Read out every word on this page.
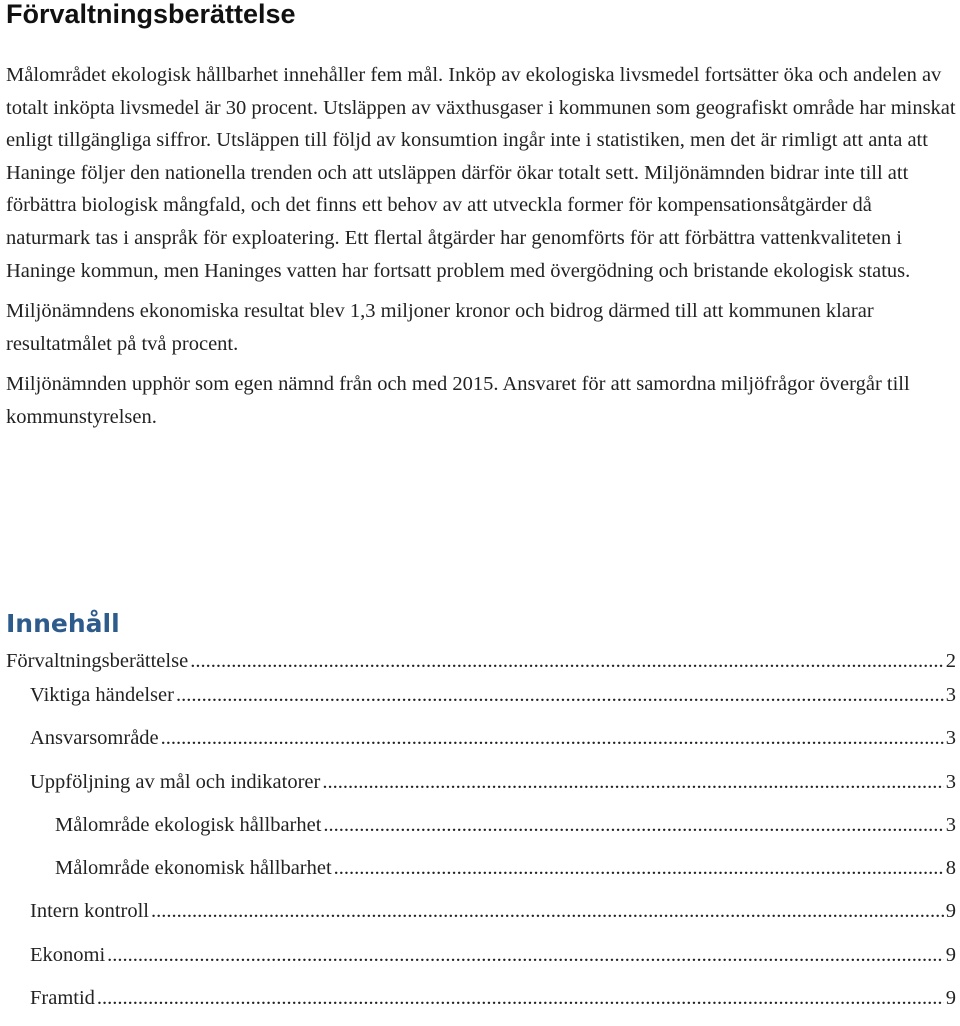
Förvaltningsberättelse

Målområdet ekologisk hållbarhet innehåller fem mål. Inköp av ekologiska livsmedel fortsätter öka och andelen av totalt inköpta livsmedel är 30 procent. Utsläppen av växthusgaser i kommunen som geografiskt område har minskat enligt tillgängliga siffror. Utsläppen till följd av konsumtion ingår inte i statistiken, men det är rimligt att anta att Haninge följer den nationella trenden och att utsläppen därför ökar totalt sett. Miljönämnden bidrar inte till att förbättra biologisk mångfald, och det finns ett behov av att utveckla former för kompensationsåtgärder då naturmark tas i anspråk för exploatering. Ett flertal åtgärder har genomförts för att förbättra vattenkvaliteten i Haninge kommun, men Haninges vatten har fortsatt problem med övergödning och bristande ekologisk status.

Miljönämndens ekonomiska resultat blev 1,3 miljoner kronor och bidrog därmed till att kommunen klarar resultatmålet på två procent.

Miljönämnden upphör som egen nämnd från och med 2015. Ansvaret för att samordna miljöfrågor övergår till kommunstyrelsen.

Innehåll
Förvaltningsberättelse .....	2
Viktiga händelser .....	3
Ansvarsområde .....	3
Uppföljning av mål och indikatorer .....	3
Målområde ekologisk hållbarhet .....	3
Målområde ekonomisk hållbarhet .....	8
Intern kontroll .....	9
Ekonomi .....	9
Framtid .....	9
